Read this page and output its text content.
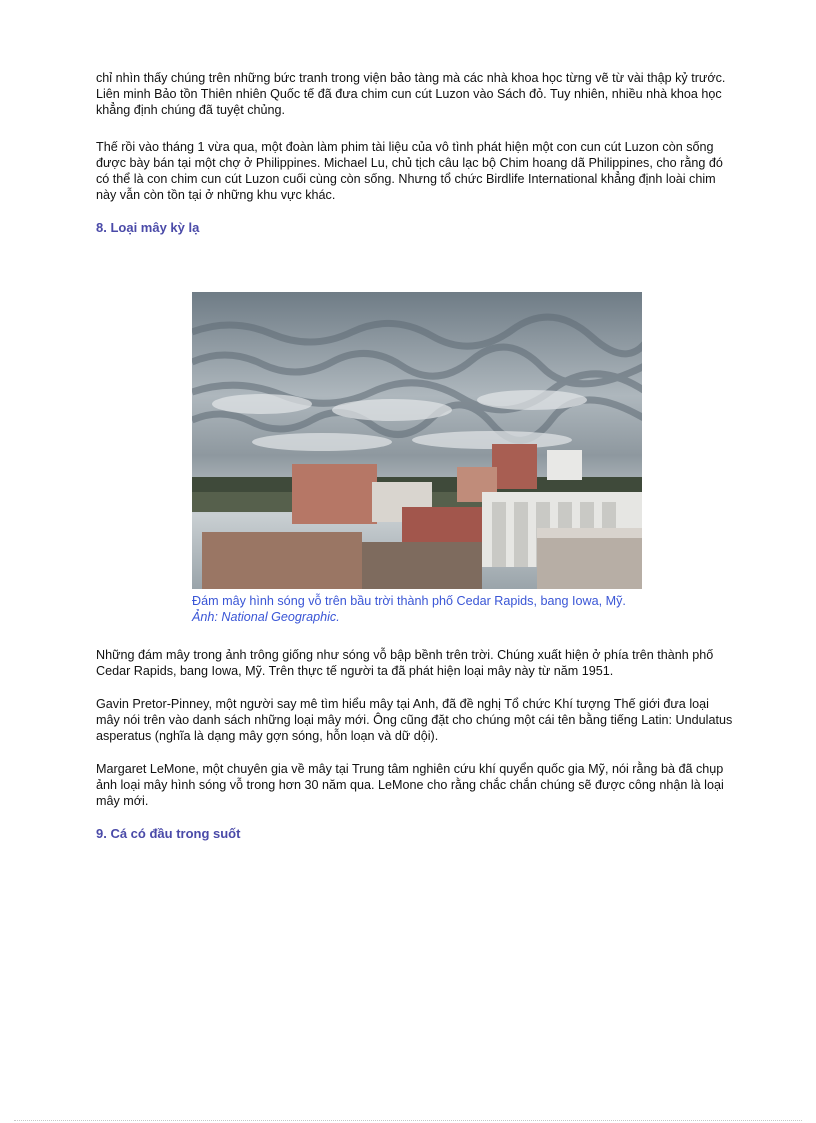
chỉ nhìn thấy chúng trên những bức tranh trong viện bảo tàng mà các nhà khoa học từng vẽ từ vài thập kỷ trước. Liên minh Bảo tồn Thiên nhiên Quốc tế đã đưa chim cun cút Luzon vào Sách đỏ. Tuy nhiên, nhiều nhà khoa học khẳng định chúng đã tuyệt chủng.

Thế rồi vào tháng 1 vừa qua, một đoàn làm phim tài liệu của vô tình phát hiện một con cun cút Luzon còn sống được bày bán tại một chợ ở Philippines. Michael Lu, chủ tịch câu lạc bộ Chim hoang dã Philippines, cho rằng đó có thể là con chim cun cút Luzon cuối cùng còn sống. Nhưng tổ chức Birdlife International khẳng định loài chim này vẫn còn tồn tại ở những khu vực khác.

8. Loại mây kỳ lạ

Đám mây hình sóng vỗ trên bầu trời thành phố Cedar Rapids, bang Iowa, Mỹ. Ảnh: National Geographic.

Những đám mây trong ảnh trông giống như sóng vỗ bập bềnh trên trời. Chúng xuất hiện ở phía trên thành phố Cedar Rapids, bang Iowa, Mỹ. Trên thực tế người ta đã phát hiện loại mây này từ năm 1951.

Gavin Pretor-Pinney, một người say mê tìm hiểu mây tại Anh, đã đề nghị Tổ chức Khí tượng Thế giới đưa loại mây nói trên vào danh sách những loại mây mới. Ông cũng đặt cho chúng một cái tên bằng tiếng Latin: Undulatus asperatus (nghĩa là dạng mây gợn sóng, hỗn loạn và dữ dội).

Margaret LeMone, một chuyên gia về mây tại Trung tâm nghiên cứu khí quyển quốc gia Mỹ, nói rằng bà đã chụp ảnh loại mây hình sóng vỗ trong hơn 30 năm qua. LeMone cho rằng chắc chắn chúng sẽ được công nhận là loại mây mới.

9. Cá có đầu trong suốt
